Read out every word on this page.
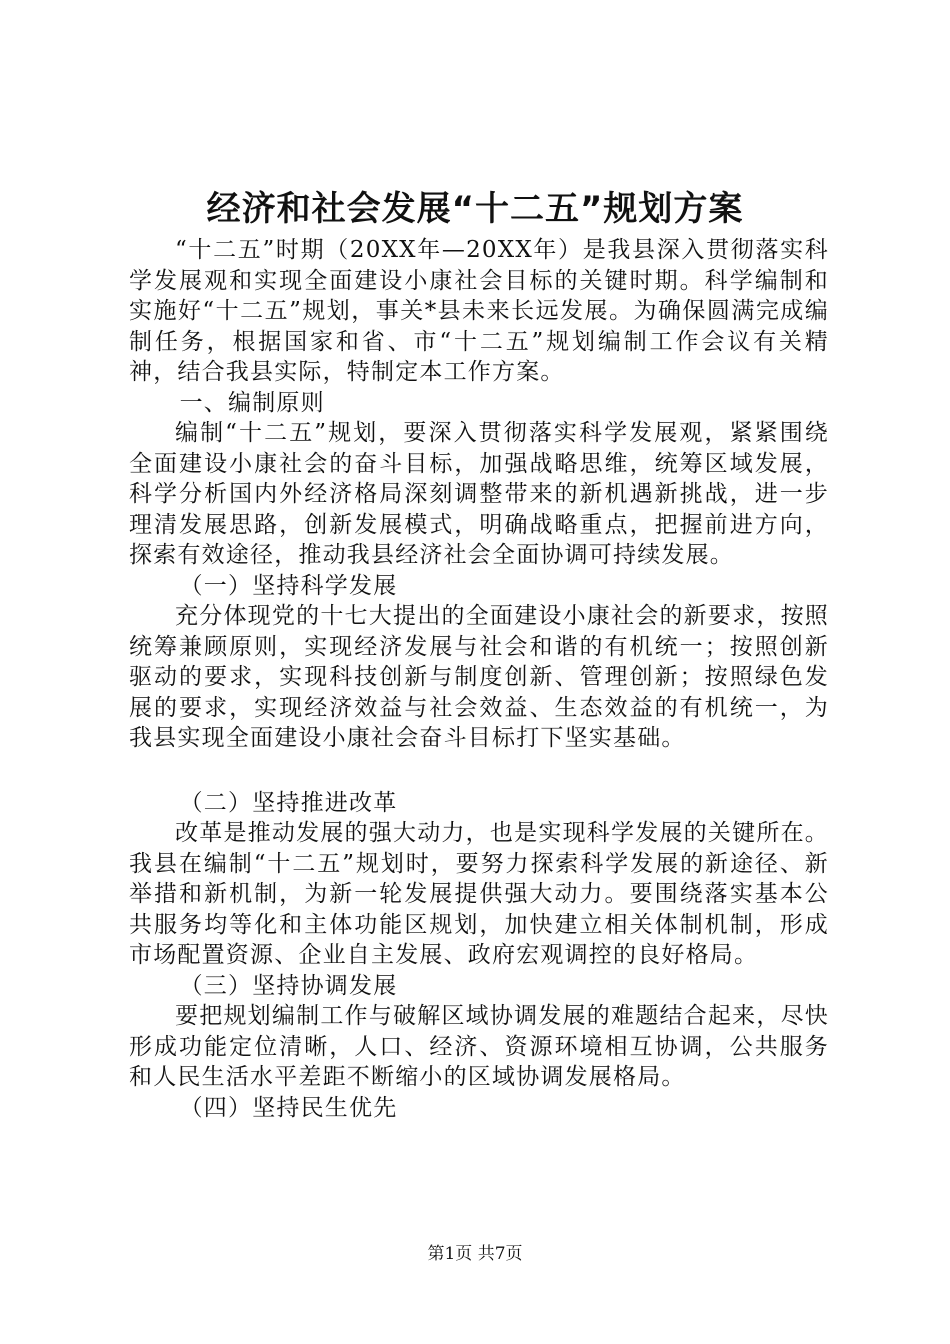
经济和社会发展“十二五”规划方案

“十二五”时期（20XX年—20XX年）是我县深入贯彻落实科学发展观和实现全面建设小康社会目标的关键时期。科学编制和实施好“十二五”规划，事关*县未来长远发展。为确保圆满完成编制任务，根据国家和省、市“十二五”规划编制工作会议有关精神，结合我县实际，特制定本工作方案。

一、编制原则

编制“十二五”规划，要深入贯彻落实科学发展观，紧紧围绕全面建设小康社会的奋斗目标，加强战略思维，统筹区域发展，科学分析国内外经济格局深刻调整带来的新机遇新挑战，进一步理清发展思路，创新发展模式，明确战略重点，把握前进方向，探索有效途径，推动我县经济社会全面协调可持续发展。

（一）坚持科学发展

充分体现党的十七大提出的全面建设小康社会的新要求，按照统筹兼顾原则，实现经济发展与社会和谐的有机统一；按照创新驱动的要求，实现科技创新与制度创新、管理创新；按照绿色发展的要求，实现经济效益与社会效益、生态效益的有机统一，为我县实现全面建设小康社会奋斗目标打下坚实基础。

（二）坚持推进改革

改革是推动发展的强大动力，也是实现科学发展的关键所在。我县在编制“十二五”规划时，要努力探索科学发展的新途径、新举措和新机制，为新一轮发展提供强大动力。要围绕落实基本公共服务均等化和主体功能区规划，加快建立相关体制机制，形成市场配置资源、企业自主发展、政府宏观调控的良好格局。

（三）坚持协调发展

要把规划编制工作与破解区域协调发展的难题结合起来，尽快形成功能定位清晰，人口、经济、资源环境相互协调，公共服务和人民生活水平差距不断缩小的区域协调发展格局。

（四）坚持民生优先

第1页 共7页
